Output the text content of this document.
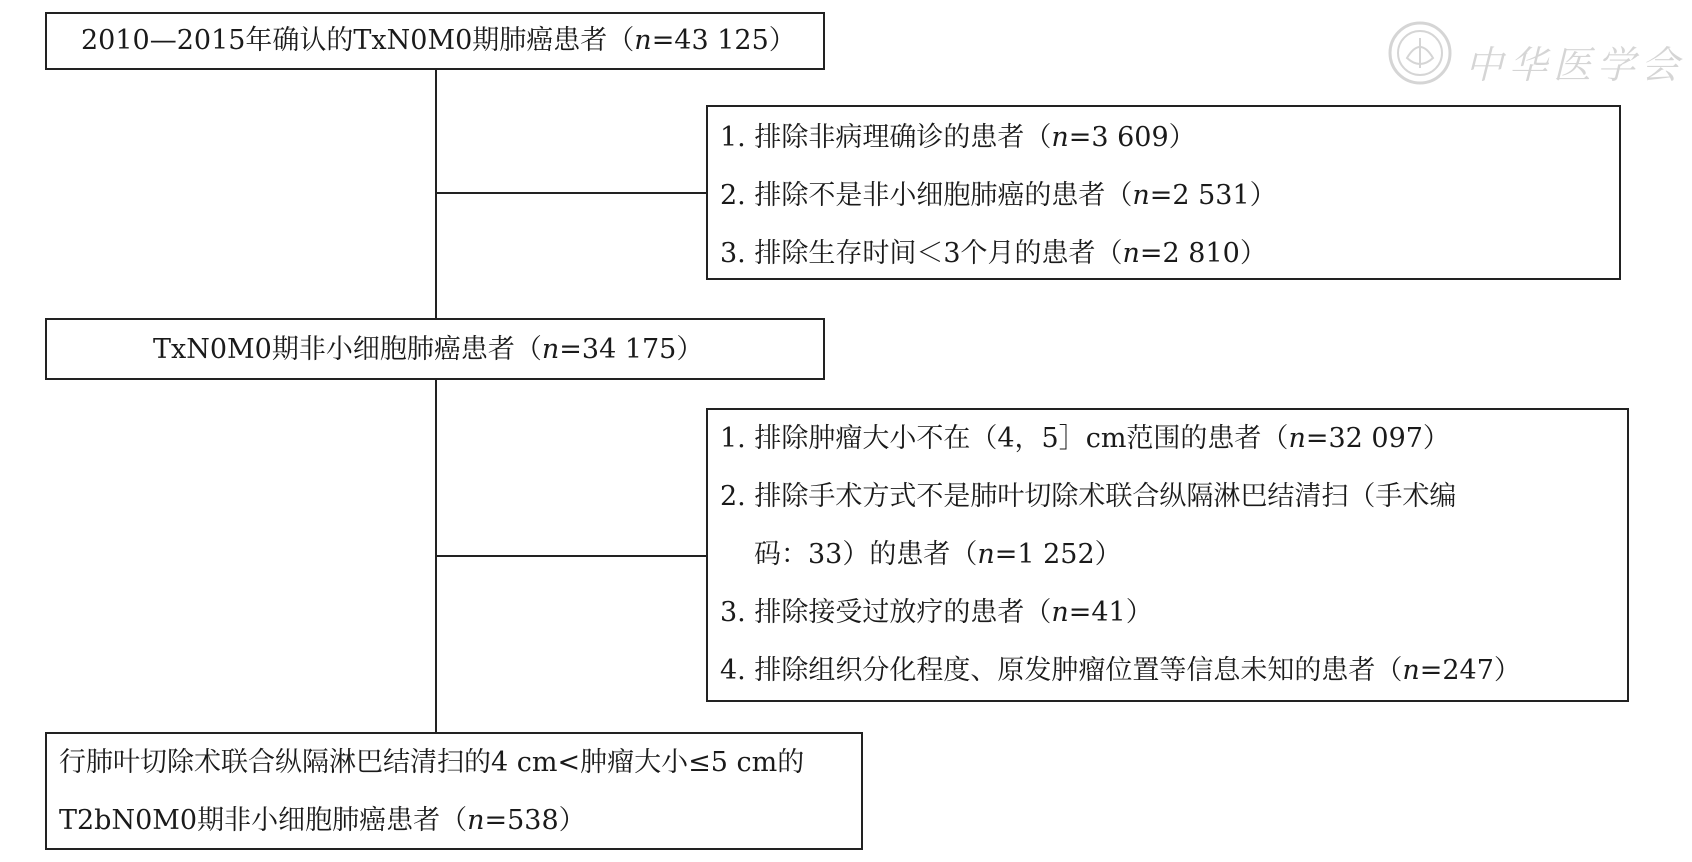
中华医学会
2010—2015年确认的TxN0M0期肺癌患者（n=43 125）
1. 排除非病理确诊的患者（n=3 609）
2. 排除不是非小细胞肺癌的患者（n=2 531）
3. 排除生存时间＜3个月的患者（n=2 810）
TxN0M0期非小细胞肺癌患者（n=34 175）
1. 排除肿瘤大小不在（4，5］cm范围的患者（n=32 097）
2. 排除手术方式不是肺叶切除术联合纵隔淋巴结清扫（手术编
码：33）的患者（n=1 252）
3. 排除接受过放疗的患者（n=41）
4. 排除组织分化程度、原发肿瘤位置等信息未知的患者（n=247）
行肺叶切除术联合纵隔淋巴结清扫的4 cm<肿瘤大小≤5 cm的
T2bN0M0期非小细胞肺癌患者（n=538）
